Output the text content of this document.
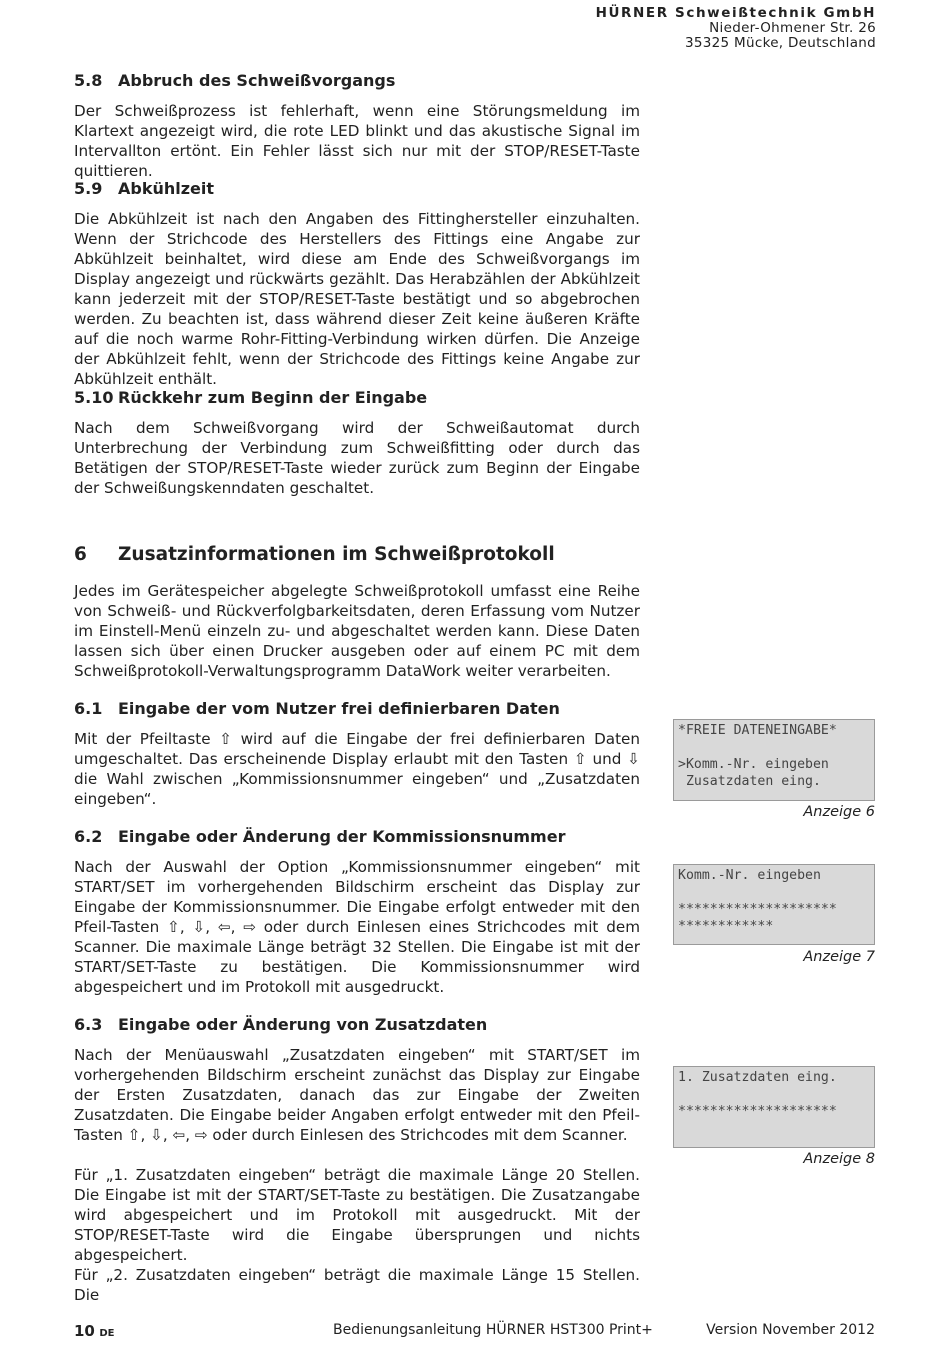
HÜRNER Schweißtechnik GmbH
Nieder-Ohmener Str. 26
35325 Mücke, Deutschland
5.8 Abbruch des Schweißvorgangs
Der Schweißprozess ist fehlerhaft, wenn eine Störungsmeldung im Klartext angezeigt wird, die rote LED blinkt und das akustische Signal im Intervallton ertönt. Ein Fehler lässt sich nur mit der STOP/RESET-Taste quittieren.
5.9 Abkühlzeit
Die Abkühlzeit ist nach den Angaben des Fittinghersteller einzuhalten. Wenn der Strichcode des Herstellers des Fittings eine Angabe zur Abkühlzeit beinhaltet, wird diese am Ende des Schweißvorgangs im Display angezeigt und rückwärts gezählt. Das Herabzählen der Abkühlzeit kann jederzeit mit der STOP/RESET-Taste bestätigt und so abgebrochen werden. Zu beachten ist, dass während dieser Zeit keine äußeren Kräfte auf die noch warme Rohr-Fitting-Verbindung wirken dürfen. Die Anzeige der Abkühlzeit fehlt, wenn der Strichcode des Fittings keine Angabe zur Abkühlzeit enthält.
5.10 Rückkehr zum Beginn der Eingabe
Nach dem Schweißvorgang wird der Schweißautomat durch Unterbrechung der Verbindung zum Schweißfitting oder durch das Betätigen der STOP/RESET-Taste wieder zurück zum Beginn der Eingabe der Schweißungskenndaten geschaltet.
6 Zusatzinformationen im Schweißprotokoll
Jedes im Gerätespeicher abgelegte Schweißprotokoll umfasst eine Reihe von Schweiß- und Rückverfolgbarkeitsdaten, deren Erfassung vom Nutzer im Einstell-Menü einzeln zu- und abgeschaltet werden kann. Diese Daten lassen sich über einen Drucker ausgeben oder auf einem PC mit dem Schweißprotokoll-Verwaltungsprogramm DataWork weiter verarbeiten.
6.1 Eingabe der vom Nutzer frei definierbaren Daten
Mit der Pfeiltaste ⇧ wird auf die Eingabe der frei definierbaren Daten umgeschaltet. Das erscheinende Display erlaubt mit den Tasten ⇧ und ⇩ die Wahl zwischen „Kommissionsnummer eingeben“ und „Zusatzdaten eingeben“.
6.2 Eingabe oder Änderung der Kommissionsnummer
Nach der Auswahl der Option „Kommissionsnummer eingeben“ mit START/SET im vorhergehenden Bildschirm erscheint das Display zur Eingabe der Kommissionsnummer. Die Eingabe erfolgt entweder mit den Pfeil-Tasten ⇧, ⇩, ⇦, ⇨ oder durch Einlesen eines Strichcodes mit dem Scanner. Die maximale Länge beträgt 32 Stellen. Die Eingabe ist mit der START/SET-Taste zu bestätigen. Die Kommissionsnummer wird abgespeichert und im Protokoll mit ausgedruckt.
6.3 Eingabe oder Änderung von Zusatzdaten
Nach der Menüauswahl „Zusatzdaten eingeben“ mit START/SET im vorhergehenden Bildschirm erscheint zunächst das Display zur Eingabe der Ersten Zusatzdaten, danach das zur Eingabe der Zweiten Zusatzdaten. Die Eingabe beider Angaben erfolgt entweder mit den Pfeil-Tasten ⇧, ⇩, ⇦, ⇨ oder durch Einlesen des Strichcodes mit dem Scanner.
Für „1. Zusatzdaten eingeben“ beträgt die maximale Länge 20 Stellen. Die Eingabe ist mit der START/SET-Taste zu bestätigen. Die Zusatzangabe wird abgespeichert und im Protokoll mit ausgedruckt. Mit der STOP/RESET-Taste wird die Eingabe übersprungen und nichts abgespeichert.
Für „2. Zusatzdaten eingeben“ beträgt die maximale Länge 15 Stellen. Die
*FREIE DATENEINGABE*

>Komm.-Nr. eingeben
Zusatzdaten eing.
Anzeige 6
Komm.-Nr. eingeben

********************
************
Anzeige 7
1. Zusatzdaten eing.

********************
Anzeige 8
10 DE	Bedienungsanleitung HÜRNER HST300 Print+	Version November 2012
